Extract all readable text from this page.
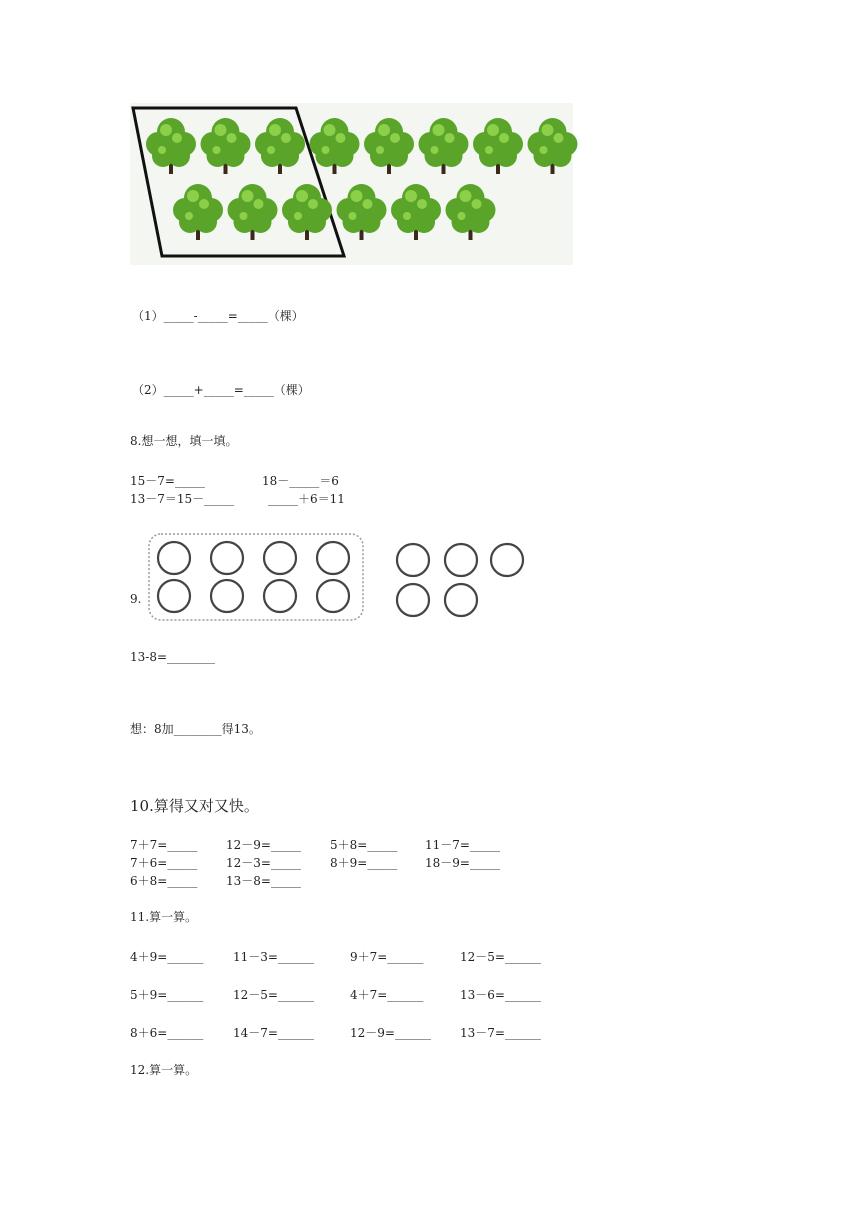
（1）_____-_____=_____（棵）
（2）_____+_____=_____（棵）
8.想一想，填一填。
15－7=_____	18－_____＝6
13－7＝15－_____	_____＋6＝11
9.
13-8=________
想：8加________得13。
10.算得又对又快。
7＋7=_____ 12－9=_____ 5＋8=_____ 11－7=_____
7＋6=_____ 12－3=_____ 8＋9=_____ 18－9=_____
6＋8=_____ 13－8=_____
11.算一算。
4＋9=______ 11－3=______	9＋7=______	12－5=______
5＋9=______ 12－5=______	4＋7=______	13－6=______
8＋6=______ 14－7=______	12－9=______ 13－7=______
12.算一算。
